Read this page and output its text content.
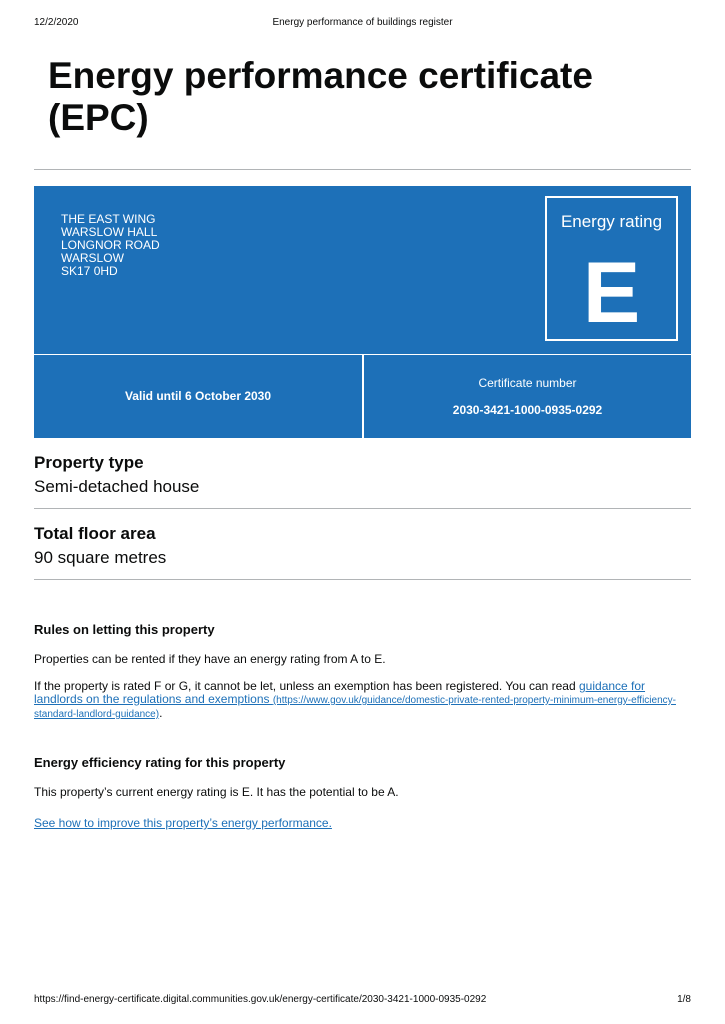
12/2/2020	Energy performance of buildings register
Energy performance certificate (EPC)
THE EAST WING
WARSLOW HALL
LONGNOR ROAD
WARSLOW
SK17 0HD
Energy rating
E
Valid until 6 October 2030
Certificate number
2030-3421-1000-0935-0292
Property type
Semi-detached house
Total floor area
90 square metres
Rules on letting this property
Properties can be rented if they have an energy rating from A to E.
If the property is rated F or G, it cannot be let, unless an exemption has been registered. You can read guidance for landlords on the regulations and exemptions (https://www.gov.uk/guidance/domestic-private-rented-property-minimum-energy-efficiency-standard-landlord-guidance).
Energy efficiency rating for this property
This property’s current energy rating is E. It has the potential to be A.
See how to improve this property’s energy performance.
https://find-energy-certificate.digital.communities.gov.uk/energy-certificate/2030-3421-1000-0935-0292	1/8
